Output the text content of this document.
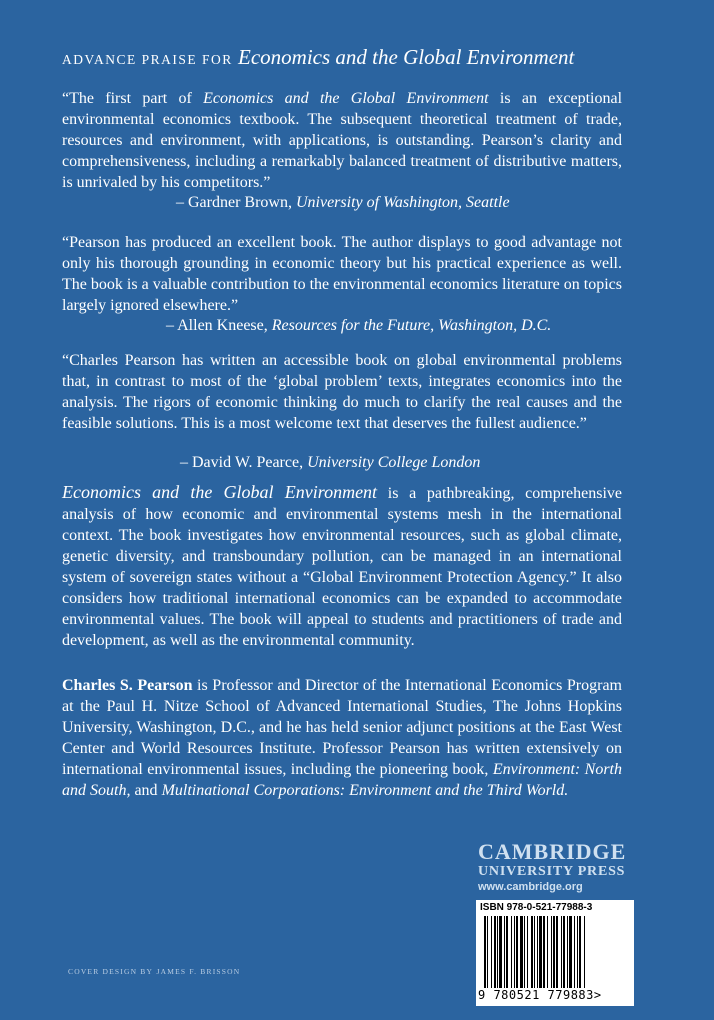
ADVANCE PRAISE FOR Economics and the Global Environment
“The first part of Economics and the Global Environment is an exceptional environmental economics textbook. The subsequent theoretical treatment of trade, resources and environment, with applications, is outstanding. Pearson’s clarity and comprehensiveness, including a remarkably balanced treatment of distributive matters, is unrivaled by his competitors.”
– Gardner Brown, University of Washington, Seattle
“Pearson has produced an excellent book. The author displays to good advantage not only his thorough grounding in economic theory but his practical experience as well. The book is a valuable contribution to the environmental economics literature on topics largely ignored elsewhere.”
– Allen Kneese, Resources for the Future, Washington, D.C.
“Charles Pearson has written an accessible book on global environmental problems that, in contrast to most of the ‘global problem’ texts, integrates economics into the analysis. The rigors of economic thinking do much to clarify the real causes and the feasible solutions. This is a most welcome text that deserves the fullest audience.”
– David W. Pearce, University College London
Economics and the Global Environment is a pathbreaking, comprehensive analysis of how economic and environmental systems mesh in the international context. The book investigates how environmental resources, such as global climate, genetic diversity, and transboundary pollution, can be managed in an international system of sovereign states without a “Global Environment Protection Agency.” It also considers how traditional international economics can be expanded to accommodate environmental values. The book will appeal to students and practitioners of trade and development, as well as the environmental community.
Charles S. Pearson is Professor and Director of the International Economics Program at the Paul H. Nitze School of Advanced International Studies, The Johns Hopkins University, Washington, D.C., and he has held senior adjunct positions at the East West Center and World Resources Institute. Professor Pearson has written extensively on international environmental issues, including the pioneering book, Environment: North and South, and Multinational Corporations: Environment and the Third World.
CAMBRIDGE
UNIVERSITY PRESS
www.cambridge.org
ISBN 978-0-521-77988-3
9 780521 779883>
COVER DESIGN BY JAMES F. BRISSON
